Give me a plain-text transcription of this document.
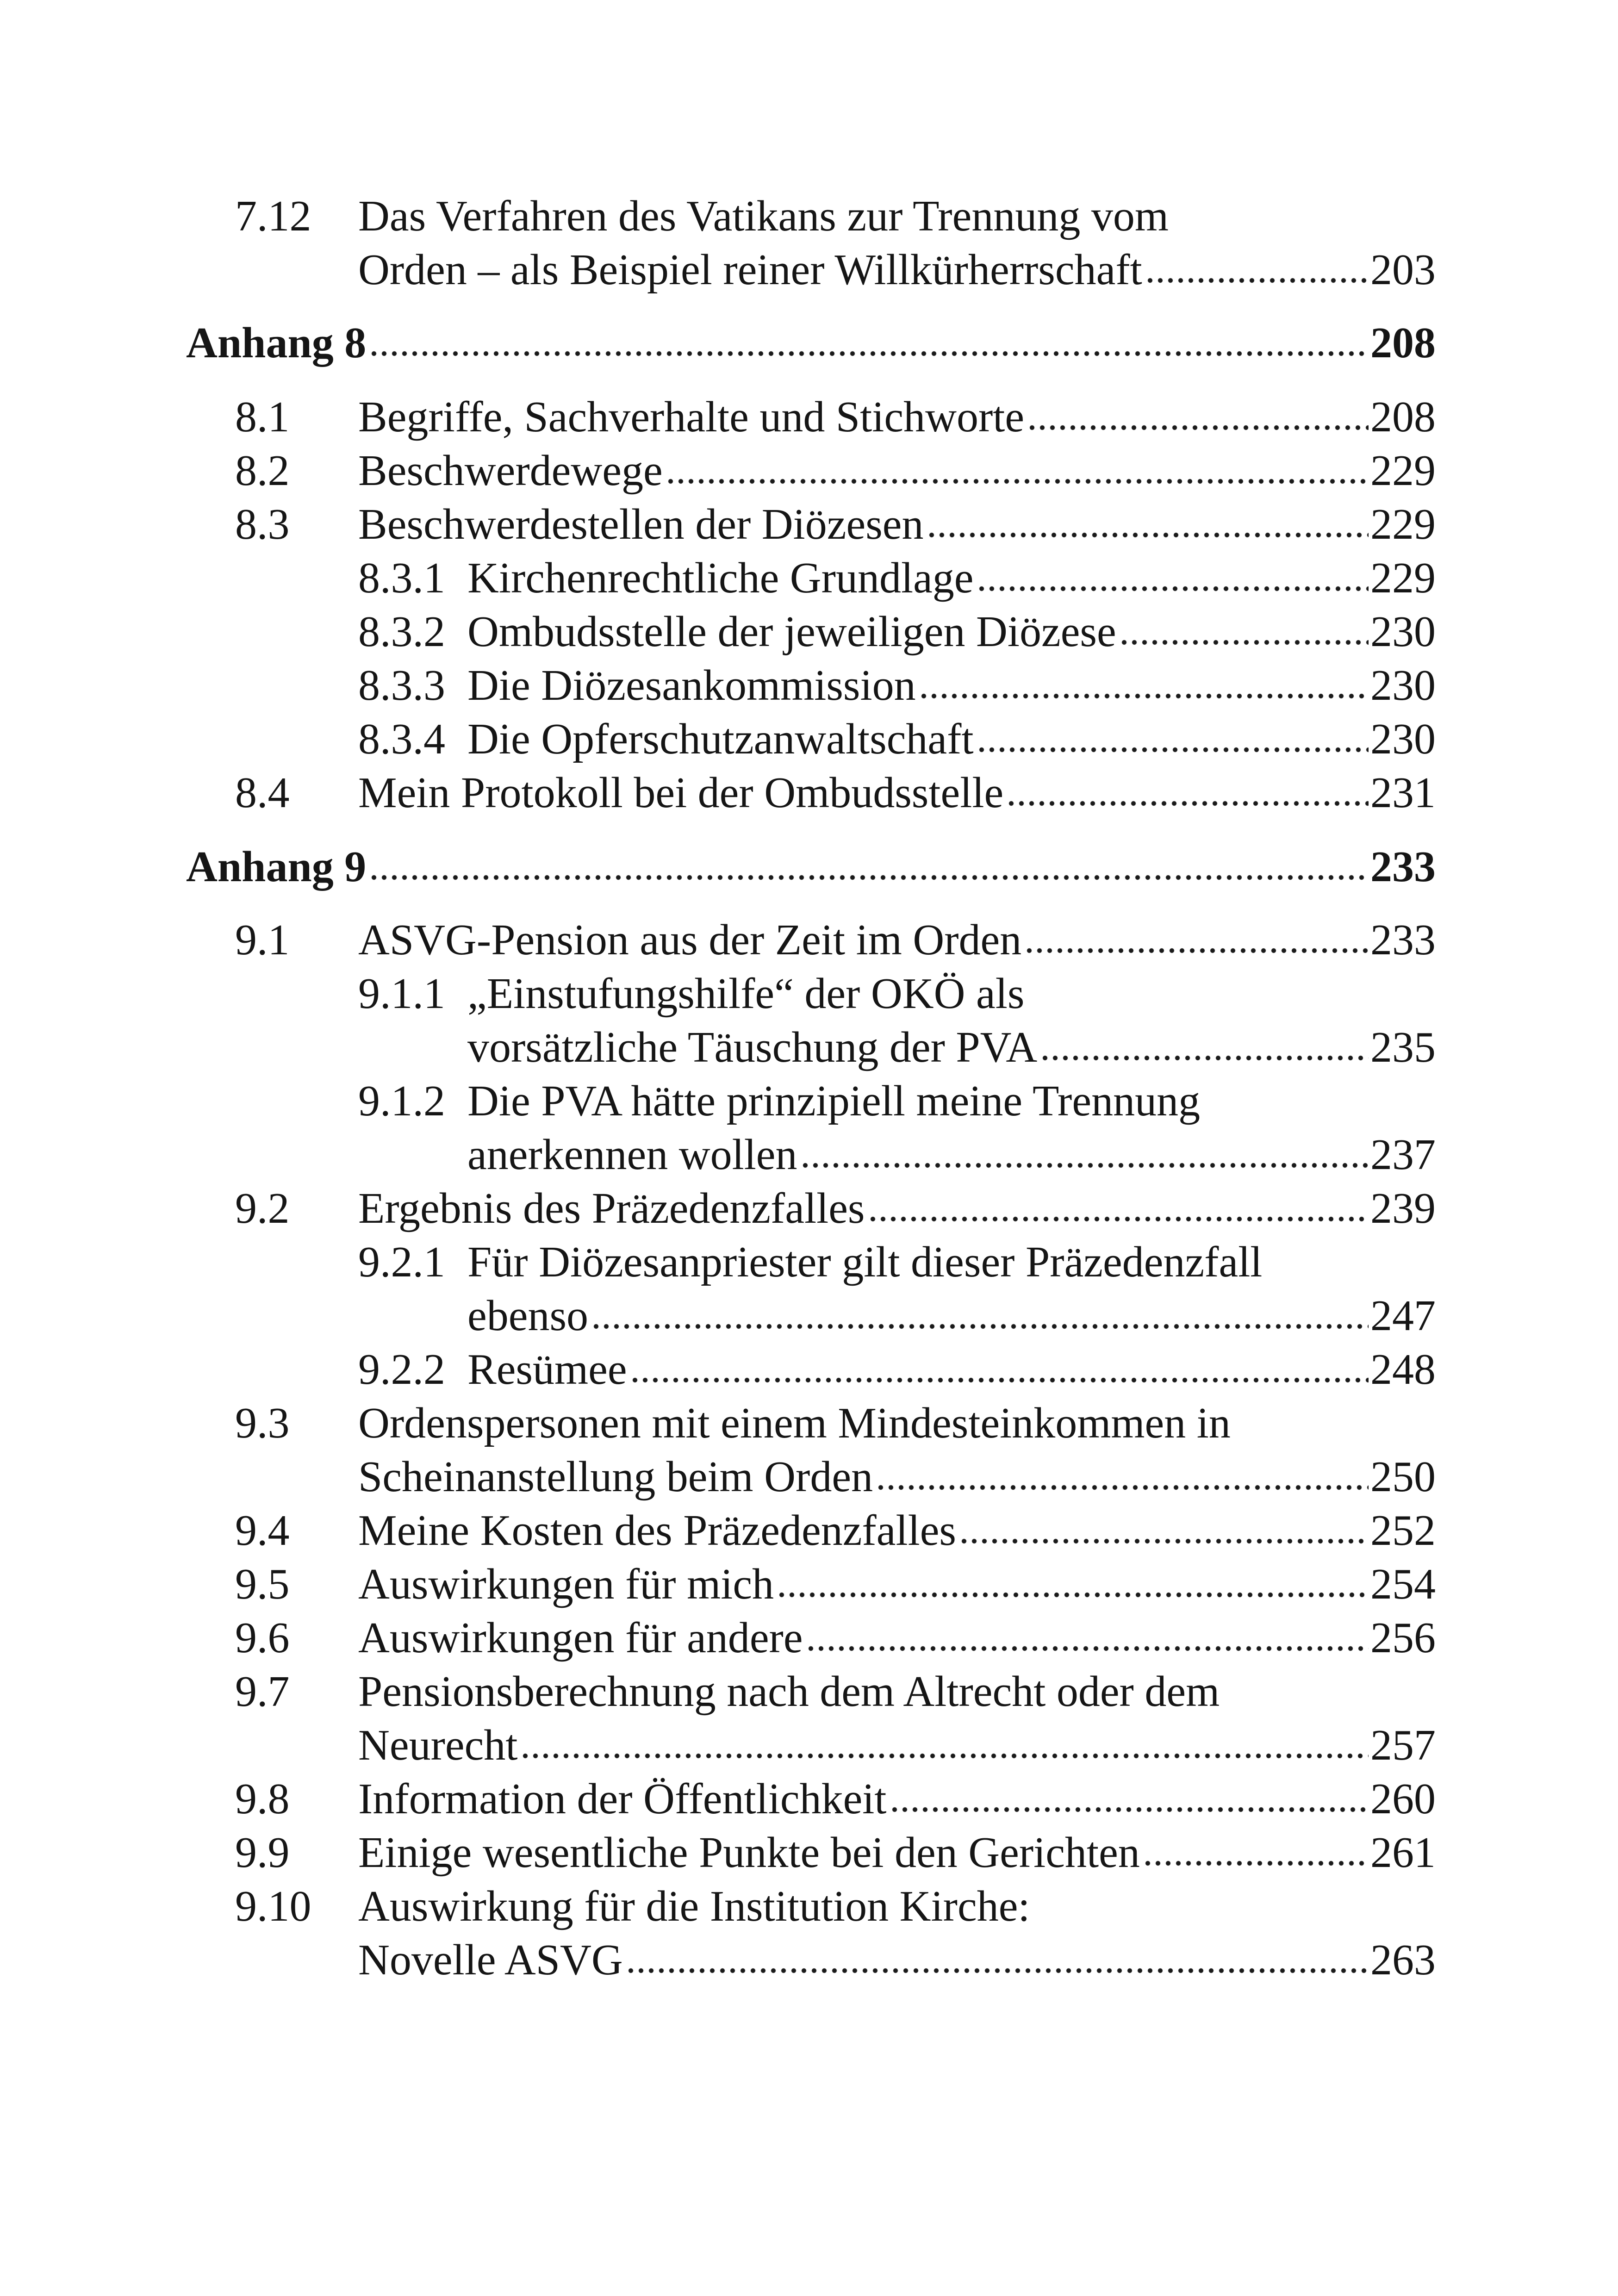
7.12 Das Verfahren des Vatikans zur Trennung vom
Orden – als Beispiel reiner Willkürherrschaft	203
Anhang 8	208
8.1 Begriffe, Sachverhalte und Stichworte	208
8.2 Beschwerdewege	229
8.3 Beschwerdestellen der Diözesen	229
8.3.1 Kirchenrechtliche Grundlage	229
8.3.2 Ombudsstelle der jeweiligen Diözese	230
8.3.3 Die Diözesankommission	230
8.3.4 Die Opferschutzanwaltschaft	230
8.4 Mein Protokoll bei der Ombudsstelle	231
Anhang 9	233
9.1 ASVG-Pension aus der Zeit im Orden	233
9.1.1 „Einstufungshilfe“ der OKÖ als
vorsätzliche Täuschung der PVA	235
9.1.2 Die PVA hätte prinzipiell meine Trennung
anerkennen wollen	237
9.2 Ergebnis des Präzedenzfalles	239
9.2.1 Für Diözesanpriester gilt dieser Präzedenzfall
ebenso	247
9.2.2 Resümee	248
9.3 Ordenspersonen mit einem Mindesteinkommen in
Scheinanstellung beim Orden	250
9.4 Meine Kosten des Präzedenzfalles	252
9.5 Auswirkungen für mich	254
9.6 Auswirkungen für andere	256
9.7 Pensionsberechnung nach dem Altrecht oder dem
Neurecht	257
9.8 Information der Öffentlichkeit	260
9.9 Einige wesentliche Punkte bei den Gerichten	261
9.10 Auswirkung für die Institution Kirche:
Novelle ASVG	263
